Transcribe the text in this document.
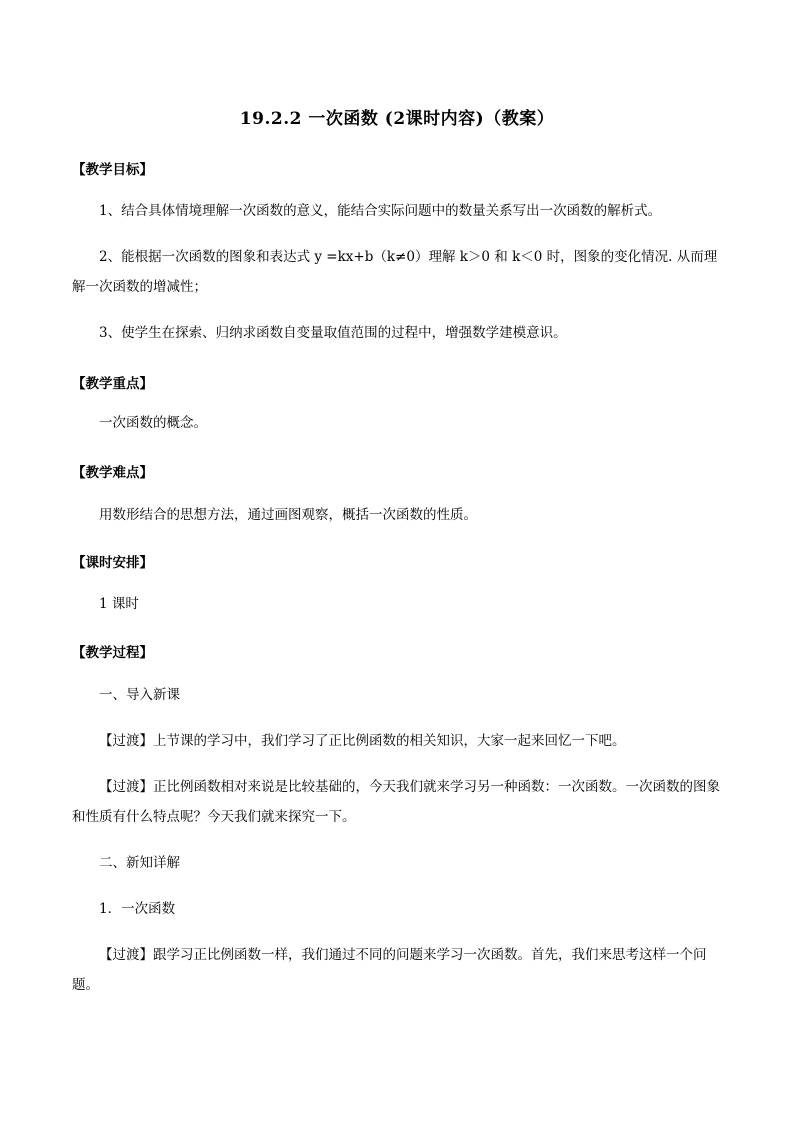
19.2.2 一次函数 (2课时内容)（教案）
【教学目标】
1、结合具体情境理解一次函数的意义，能结合实际问题中的数量关系写出一次函数的解析式。
2、能根据一次函数的图象和表达式 y =kx+b（k≠0）理解 k＞0 和 k＜0 时，图象的变化情况. 从而理解一次函数的增减性；
3、使学生在探索、归纳求函数自变量取值范围的过程中，增强数学建模意识。
【教学重点】
一次函数的概念。
【教学难点】
用数形结合的思想方法，通过画图观察，概括一次函数的性质。
【课时安排】
1 课时
【教学过程】
一、导入新课
【过渡】上节课的学习中，我们学习了正比例函数的相关知识，大家一起来回忆一下吧。
【过渡】正比例函数相对来说是比较基础的，今天我们就来学习另一种函数：一次函数。一次函数的图象和性质有什么特点呢？今天我们就来探究一下。
二、新知详解
1．一次函数
【过渡】跟学习正比例函数一样，我们通过不同的问题来学习一次函数。首先，我们来思考这样一个问题。
